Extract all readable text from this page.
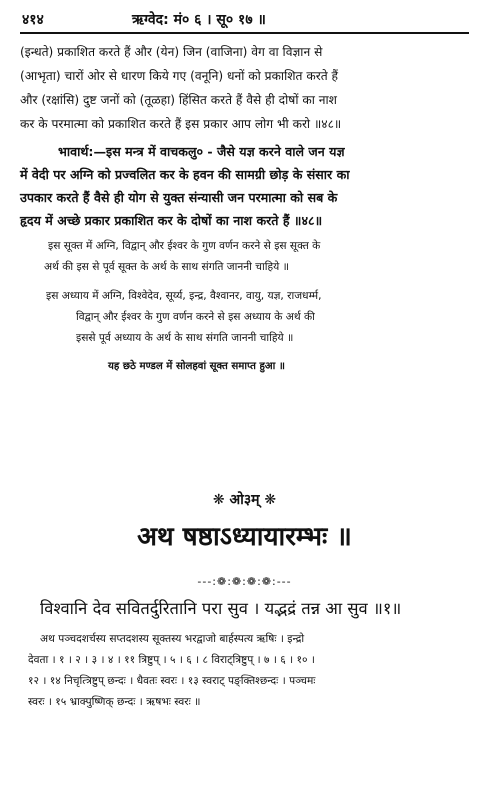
४१४	ऋग्वेद: मं० ६ । सू० १७ ॥
(इन्धते) प्रकाशित करते हैं और (येन) जिन (वाजिना) वेग वा विज्ञान से
(आभृता) चारों ओर से धारण किये गए (वनूनि) धनों को प्रकाशित करते हैं
और (रक्षांसि) दुष्ट जनों को (तूळहा) हिंसित करते हैं वैसे ही दोषों का नाश
कर के परमात्मा को प्रकाशित करते हैं इस प्रकार आप लोग भी करो ॥४८॥
भावार्थ:—इस मन्त्र में वाचकलु० - जैसे यज्ञ करने वाले जन यज्ञ
में वेदी पर अग्नि को प्रज्वलित कर के हवन की सामग्री छोड़ के संसार का
उपकार करते हैं वैसे ही योग से युक्त संन्यासी जन परमात्मा को सब के
हृदय में अच्छे प्रकार प्रकाशित कर के दोषों का नाश करते हैं ॥४८॥
इस सूक्त में अग्नि, विद्वान् और ईश्वर के गुण वर्णन करने से इस सूक्त के
अर्थ की इस से पूर्व सूक्त के अर्थ के साथ संगति जाननी चाहिये ॥
इस अध्याय में अग्नि, विश्वेदेव, सूर्य्य, इन्द्र, वैश्वानर, वायु, यज्ञ, राजधर्म्म,
विद्वान् और ईश्वर के गुण वर्णन करने से इस अध्याय के अर्थ की
इससे पूर्व अध्याय के अर्थ के साथ संगति जाननी चाहिये ॥
यह छठे मण्डल में सोलहवां सूक्त समाप्त हुआ ॥
❋ ओ३म् ❋
अथ षष्ठाऽध्यायारम्भः ॥
---:❁:❁:❁:❁:---
विश्वानि देव सवितर्दुरितानि परा सुव । यद्भद्रं तन्न आ सुव ॥१॥
अथ पञ्चदशर्चस्य सप्तदशस्य सूक्तस्य भरद्वाजो बार्हस्पत्य ऋषिः । इन्द्रो
देवता । १ । २ । ३ । ४ । ११ त्रिष्टुप् । ५ । ६ । ८ विराट्त्रिष्टुप् । ७ । ६ । १० ।
१२ । १४ निचृत्त्रिष्टुप् छन्दः । धैवतः स्वरः । १३ स्वराट् पङ्क्तिश्छन्दः । पञ्चमः
स्वरः । १५ भ्राक्पुष्णिक् छन्दः । ऋषभः स्वरः ॥
